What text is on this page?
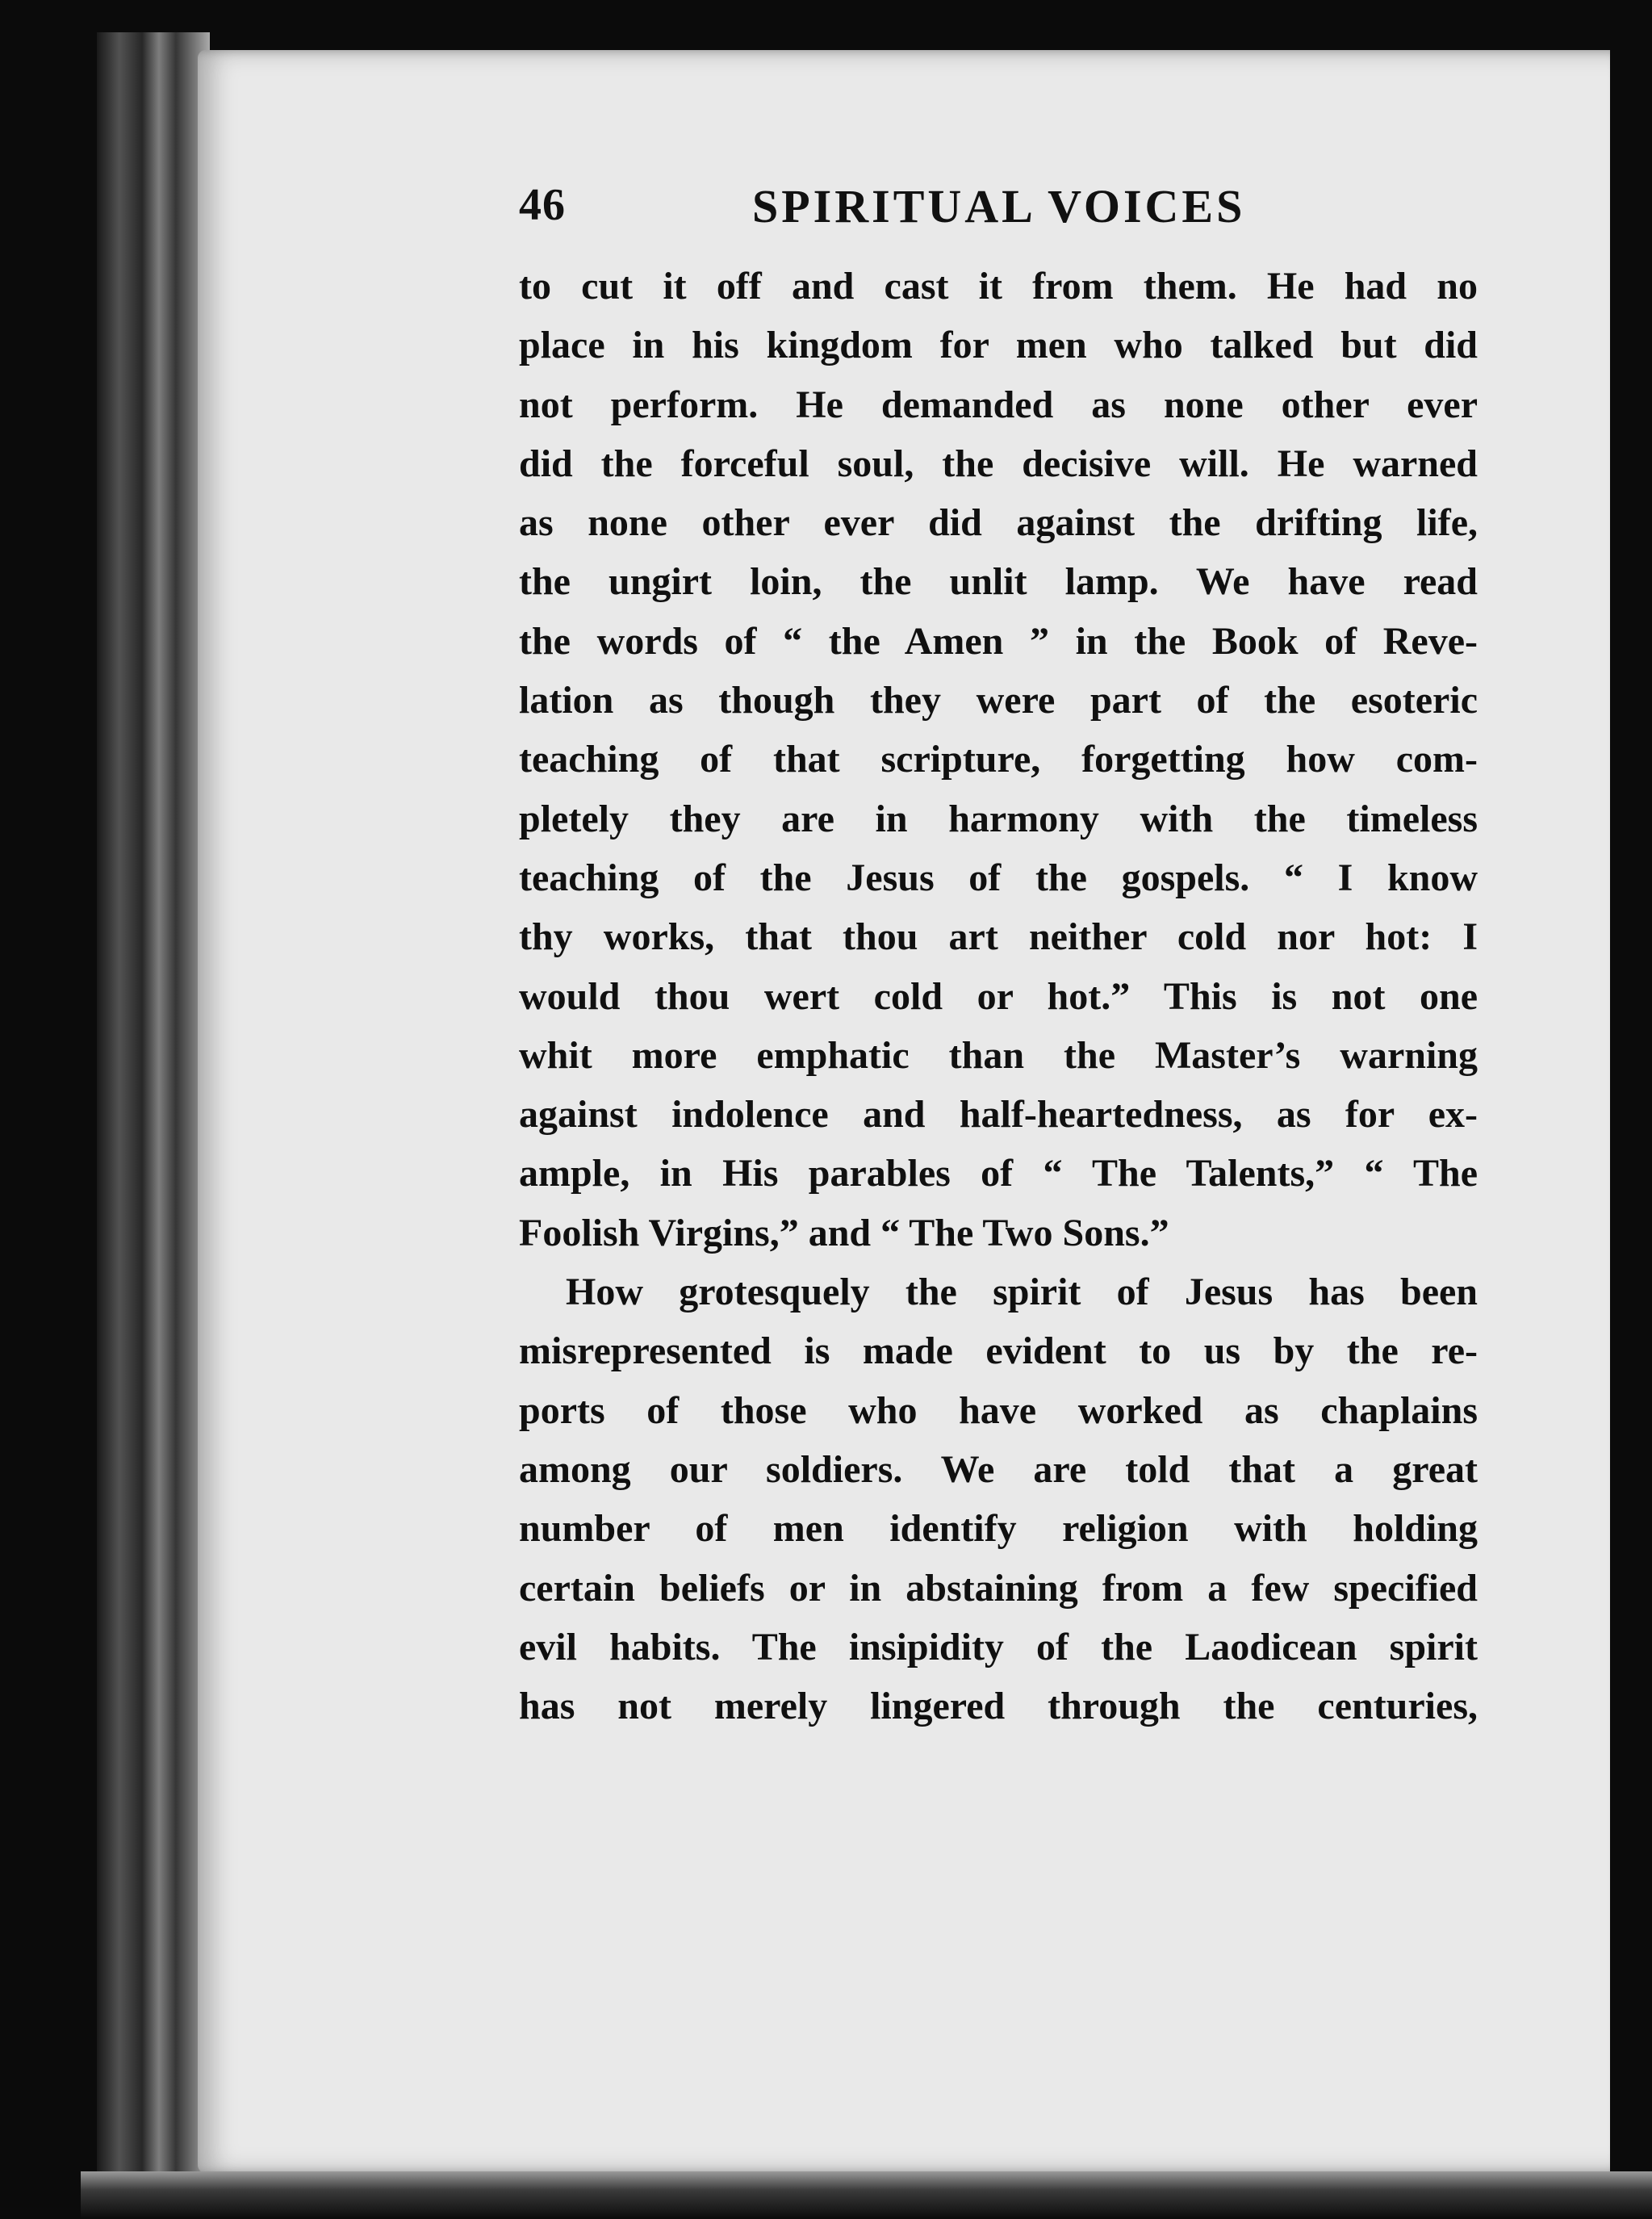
46	SPIRITUAL VOICES
to cut it off and cast it from them. He had no
place in his kingdom for men who talked but did
not perform. He demanded as none other ever
did the forceful soul, the decisive will. He warned
as none other ever did against the drifting life,
the ungirt loin, the unlit lamp. We have read
the words of “ the Amen ” in the Book of Reve-
lation as though they were part of the esoteric
teaching of that scripture, forgetting how com-
pletely they are in harmony with the timeless
teaching of the Jesus of the gospels. “ I know
thy works, that thou art neither cold nor hot: I
would thou wert cold or hot.” This is not one
whit more emphatic than the Master’s warning
against indolence and half-heartedness, as for ex-
ample, in His parables of “ The Talents,” “ The
Foolish Virgins,” and “ The Two Sons.”
How grotesquely the spirit of Jesus has been
misrepresented is made evident to us by the re-
ports of those who have worked as chaplains
among our soldiers. We are told that a great
number of men identify religion with holding
certain beliefs or in abstaining from a few specified
evil habits. The insipidity of the Laodicean spirit
has not merely lingered through the centuries,
